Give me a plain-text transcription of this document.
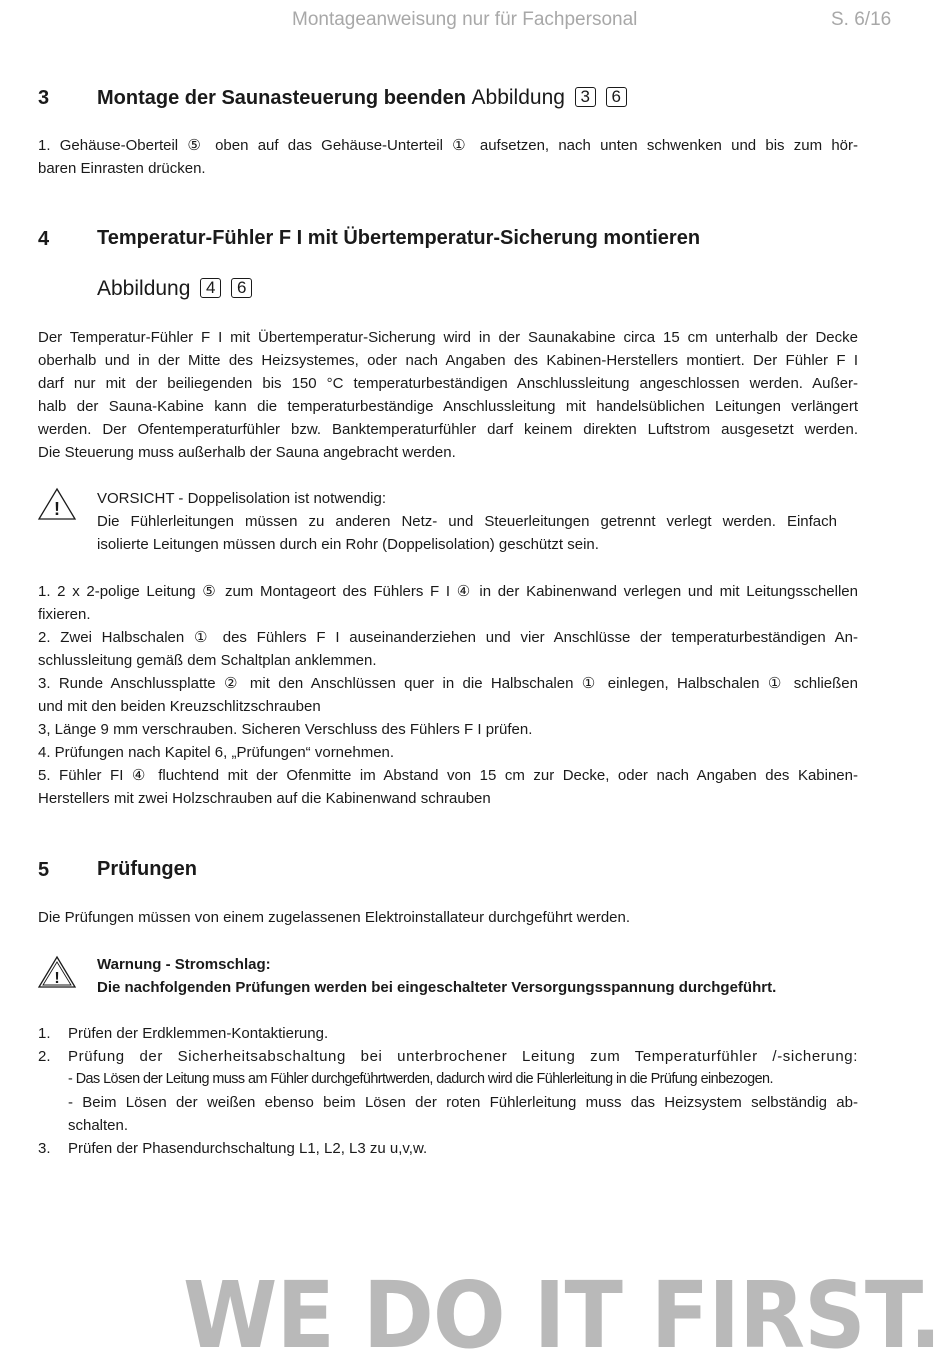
Montageanweisung nur für Fachpersonal	S. 6/16
3 Montage der Saunasteuerung beenden Abbildung 3 6
1. Gehäuse-Oberteil ⑤ oben auf das Gehäuse-Unterteil ① aufsetzen, nach unten schwenken und bis zum hör-
baren Einrasten drücken.
4 Temperatur-Fühler F I mit Übertemperatur-Sicherung montieren
Abbildung 4 6
Der Temperatur-Fühler F I mit Übertemperatur-Sicherung wird in der Saunakabine circa 15 cm unterhalb der Decke
oberhalb und in der Mitte des Heizsystemes, oder nach Angaben des Kabinen-Herstellers montiert. Der Fühler F I
darf nur mit der beiliegenden bis 150 °C temperaturbeständigen Anschlussleitung angeschlossen werden. Außer-
halb der Sauna-Kabine kann die temperaturbeständige Anschlussleitung mit handelsüblichen Leitungen verlängert
werden. Der Ofentemperaturfühler bzw. Banktemperaturfühler darf keinem direkten Luftstrom ausgesetzt werden.
Die Steuerung muss außerhalb der Sauna angebracht werden.
!
VORSICHT - Doppelisolation ist notwendig:
Die Fühlerleitungen müssen zu anderen Netz- und Steuerleitungen getrennt verlegt werden. Einfach
isolierte Leitungen müssen durch ein Rohr (Doppelisolation) geschützt sein.
1. 2 x 2-polige Leitung ⑤ zum Montageort des Fühlers F I ④ in der Kabinenwand verlegen und mit Leitungsschellen
fixieren.
2. Zwei Halbschalen ① des Fühlers F I auseinanderziehen und vier Anschlüsse der temperaturbeständigen An-
schlussleitung gemäß dem Schaltplan anklemmen.
3. Runde Anschlussplatte ② mit den Anschlüssen quer in die Halbschalen ① einlegen, Halbschalen ① schließen
und mit den beiden Kreuzschlitzschrauben
3, Länge 9 mm verschrauben. Sicheren Verschluss des Fühlers F I prüfen.
4. Prüfungen nach Kapitel 6, „Prüfungen“ vornehmen.
5. Fühler FI ④ fluchtend mit der Ofenmitte im Abstand von 15 cm zur Decke, oder nach Angaben des Kabinen-
Herstellers mit zwei Holzschrauben auf die Kabinenwand schrauben
5 Prüfungen
Die Prüfungen müssen von einem zugelassenen Elektroinstallateur durchgeführt werden.
!
Warnung - Stromschlag:
Die nachfolgenden Prüfungen werden bei eingeschalteter Versorgungsspannung durchgeführt.
1.	Prüfen der Erdklemmen-Kontaktierung.
2.	Prüfung der Sicherheitsabschaltung bei unterbrochener Leitung zum Temperaturfühler /-sicherung:
- Das Lösen der Leitung muss am Fühler durchgeführtwerden, dadurch wird die Fühlerleitung in die Prüfung einbezogen.
- Beim Lösen der weißen ebenso beim Lösen der roten Fühlerleitung muss das Heizsystem selbständig ab-
schalten.
3.	Prüfen der Phasendurchschaltung L1, L2, L3 zu u,v,w.
WE DO IT FIRST.
